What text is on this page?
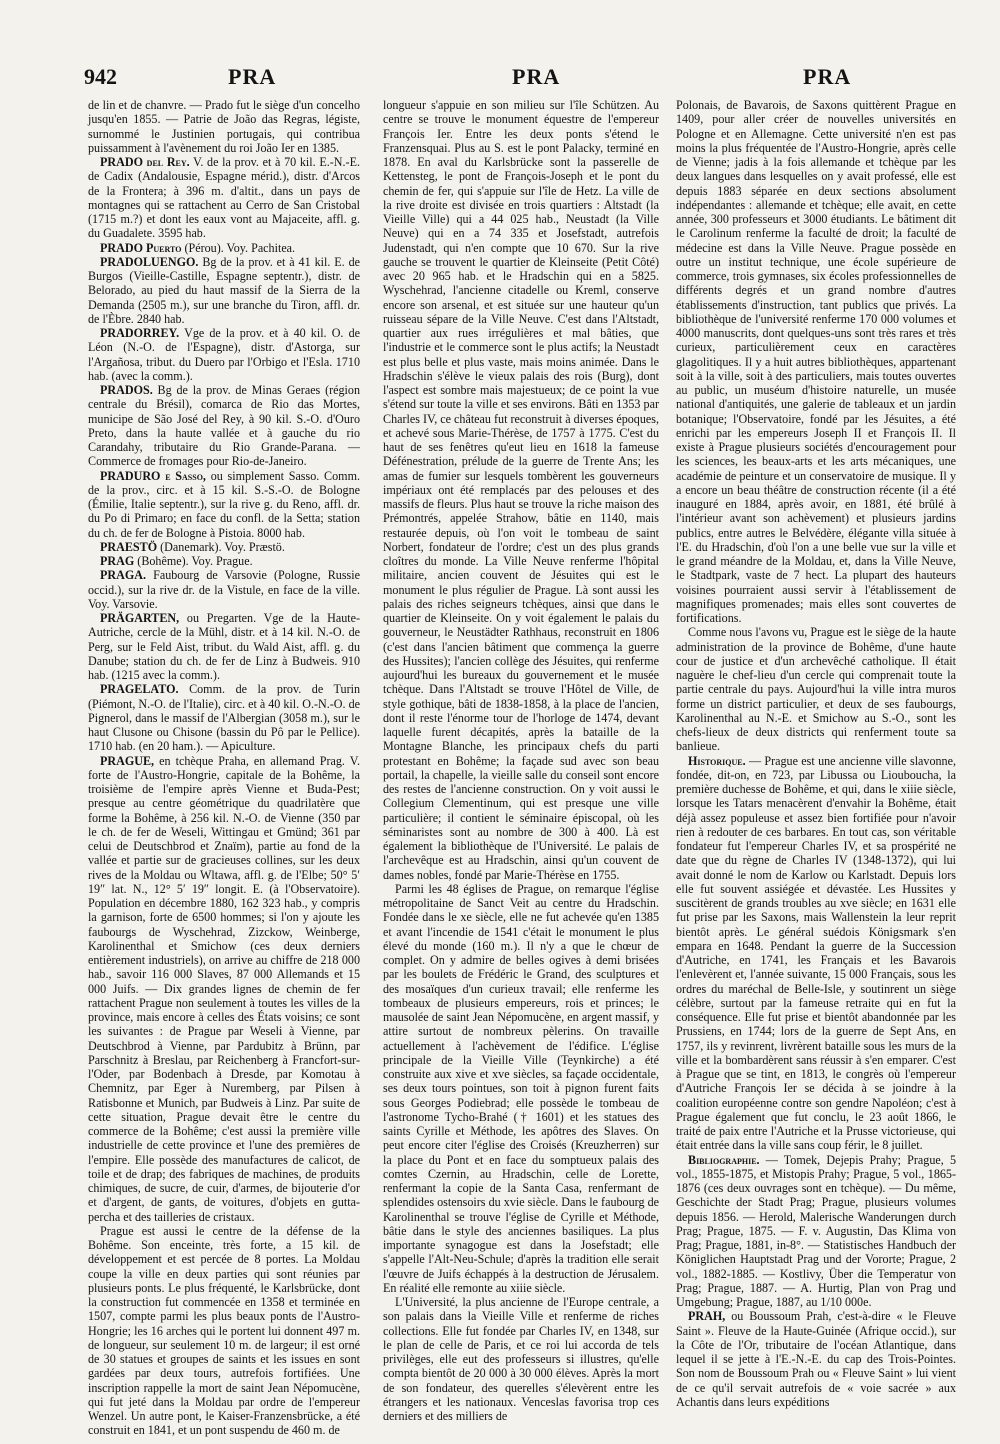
942	PRA	PRA	PRA

de lin et de chanvre. — Prado fut le siège d'un concelho jusqu'en 1855. — Patrie de João das Regras, légiste, surnommé le Justinien portugais, qui contribua puissamment à l'avènement du roi João Ier en 1385.

PRADO del Rey. V. de la prov. et à 70 kil. E.-N.-E. de Cadix (Andalousie, Espagne mérid.), distr. d'Arcos de la Frontera; à 396 m. d'altit., dans un pays de montagnes qui se rattachent au Cerro de San Cristobal (1715 m.?) et dont les eaux vont au Majaceite, affl. g. du Guadalete. 3595 hab.

PRADO Puerto (Pérou). Voy. Pachitea.

PRADOLUENGO. Bg de la prov. et à 41 kil. E. de Burgos (Vieille-Castille, Espagne septentr.), distr. de Belorado, au pied du haut massif de la Sierra de la Demanda (2505 m.), sur une branche du Tiron, affl. dr. de l'Èbre. 2840 hab.

PRADORREY. Vge de la prov. et à 40 kil. O. de Léon (N.-O. de l'Espagne), distr. d'Astorga, sur l'Argañosa, tribut. du Duero par l'Orbigo et l'Esla. 1710 hab. (avec la comm.).

PRADOS. Bg de la prov. de Minas Geraes (région centrale du Brésil), comarca de Rio das Mortes, municipe de São José del Rey, à 90 kil. S.-O. d'Ouro Preto, dans la haute vallée et à gauche du rio Carandahy, tributaire du Rio Grande-Parana. — Commerce de fromages pour Rio-de-Janeiro.

PRADURO e Sasso, ou simplement Sasso. Comm. de la prov., circ. et à 15 kil. S.-S.-O. de Bologne (Émilie, Italie septentr.), sur la rive g. du Reno, affl. dr. du Po di Primaro; en face du confl. de la Setta; station du ch. de fer de Bologne à Pistoia. 8000 hab.

PRAESTÖ (Danemark). Voy. Præstö.

PRAG (Bohême). Voy. Prague.

PRAGA. Faubourg de Varsovie (Pologne, Russie occid.), sur la rive dr. de la Vistule, en face de la ville. Voy. Varsovie.

PRÄGARTEN, ou Pregarten. Vge de la Haute-Autriche, cercle de la Mühl, distr. et à 14 kil. N.-O. de Perg, sur le Feld Aist, tribut. du Wald Aist, affl. g. du Danube; station du ch. de fer de Linz à Budweis. 910 hab. (1215 avec la comm.).

PRAGELATO. Comm. de la prov. de Turin (Piémont, N.-O. de l'Italie), circ. et à 40 kil. O.-N.-O. de Pignerol, dans le massif de l'Albergian (3058 m.), sur le haut Clusone ou Chisone (bassin du Pô par le Pellice). 1710 hab. (en 20 ham.). — Apiculture.

PRAGUE, en tchèque Praha, en allemand Prag. V. forte de l'Austro-Hongrie, capitale de la Bohême, la troisième de l'empire après Vienne et Buda-Pest; presque au centre géométrique du quadrilatère que forme la Bohême, à 256 kil. N.-O. de Vienne (350 par le ch. de fer de Weseli, Wittingau et Gmünd; 361 par celui de Deutschbrod et Znaïm), partie au fond de la vallée et partie sur de gracieuses collines, sur les deux rives de la Moldau ou Wltawa, affl. g. de l'Elbe; 50° 5′ 19″ lat. N., 12° 5′ 19″ longit. E. (à l'Observatoire). Population en décembre 1880, 162 323 hab., y compris la garnison, forte de 6500 hommes; si l'on y ajoute les faubourgs de Wyschehrad, Zizckow, Weinberge, Karolinenthal et Smichow (ces deux derniers entièrement industriels), on arrive au chiffre de 218 000 hab., savoir 116 000 Slaves, 87 000 Allemands et 15 000 Juifs. — Dix grandes lignes de chemin de fer rattachent Prague non seulement à toutes les villes de la province, mais encore à celles des États voisins; ce sont les suivantes : de Prague par Weseli à Vienne, par Deutschbrod à Vienne, par Pardubitz à Brünn, par Parschnitz à Breslau, par Reichenberg à Francfort-sur-l'Oder, par Bodenbach à Dresde, par Komotau à Chemnitz, par Eger à Nuremberg, par Pilsen à Ratisbonne et Munich, par Budweis à Linz. Par suite de cette situation, Prague devait être le centre du commerce de la Bohême; c'est aussi la première ville industrielle de cette province et l'une des premières de l'empire. Elle possède des manufactures de calicot, de toile et de drap; des fabriques de machines, de produits chimiques, de sucre, de cuir, d'armes, de bijouterie d'or et d'argent, de gants, de voitures, d'objets en gutta-percha et des tailleries de cristaux.

Prague est aussi le centre de la défense de la Bohême. Son enceinte, très forte, a 15 kil. de développement et est percée de 8 portes. La Moldau coupe la ville en deux parties qui sont réunies par plusieurs ponts. Le plus fréquenté, le Karlsbrücke, dont la construction fut commencée en 1358 et terminée en 1507, compte parmi les plus beaux ponts de l'Austro-Hongrie; les 16 arches qui le portent lui donnent 497 m. de longueur, sur seulement 10 m. de largeur; il est orné de 30 statues et groupes de saints et les issues en sont gardées par deux tours, autrefois fortifiées. Une inscription rappelle la mort de saint Jean Népomucène, qui fut jeté dans la Moldau par ordre de l'empereur Wenzel. Un autre pont, le Kaiser-Franzensbrücke, a été construit en 1841, et un pont suspendu de 460 m. de

longueur s'appuie en son milieu sur l'île Schützen. Au centre se trouve le monument équestre de l'empereur François Ier. Entre les deux ponts s'étend le Franzensquai. Plus au S. est le pont Palacky, terminé en 1878. En aval du Karlsbrücke sont la passerelle de Kettensteg, le pont de François-Joseph et le pont du chemin de fer, qui s'appuie sur l'île de Hetz. La ville de la rive droite est divisée en trois quartiers : Altstadt (la Vieille Ville) qui a 44 025 hab., Neustadt (la Ville Neuve) qui en a 74 335 et Josefstadt, autrefois Judenstadt, qui n'en compte que 10 670. Sur la rive gauche se trouvent le quartier de Kleinseite (Petit Côté) avec 20 965 hab. et le Hradschin qui en a 5825. Wyschehrad, l'ancienne citadelle ou Kreml, conserve encore son arsenal, et est située sur une hauteur qu'un ruisseau sépare de la Ville Neuve. C'est dans l'Altstadt, quartier aux rues irrégulières et mal bâties, que l'industrie et le commerce sont le plus actifs; la Neustadt est plus belle et plus vaste, mais moins animée. Dans le Hradschin s'élève le vieux palais des rois (Burg), dont l'aspect est sombre mais majestueux; de ce point la vue s'étend sur toute la ville et ses environs. Bâti en 1353 par Charles IV, ce château fut reconstruit à diverses époques, et achevé sous Marie-Thérèse, de 1757 à 1775. C'est du haut de ses fenêtres qu'eut lieu en 1618 la fameuse Défénestration, prélude de la guerre de Trente Ans; les amas de fumier sur lesquels tombèrent les gouverneurs impériaux ont été remplacés par des pelouses et des massifs de fleurs. Plus haut se trouve la riche maison des Prémontrés, appelée Strahow, bâtie en 1140, mais restaurée depuis, où l'on voit le tombeau de saint Norbert, fondateur de l'ordre; c'est un des plus grands cloîtres du monde. La Ville Neuve renferme l'hôpital militaire, ancien couvent de Jésuites qui est le monument le plus régulier de Prague. Là sont aussi les palais des riches seigneurs tchèques, ainsi que dans le quartier de Kleinseite. On y voit également le palais du gouverneur, le Neustädter Rathhaus, reconstruit en 1806 (c'est dans l'ancien bâtiment que commença la guerre des Hussites); l'ancien collège des Jésuites, qui renferme aujourd'hui les bureaux du gouvernement et le musée tchèque. Dans l'Altstadt se trouve l'Hôtel de Ville, de style gothique, bâti de 1838-1858, à la place de l'ancien, dont il reste l'énorme tour de l'horloge de 1474, devant laquelle furent décapités, après la bataille de la Montagne Blanche, les principaux chefs du parti protestant en Bohême; la façade sud avec son beau portail, la chapelle, la vieille salle du conseil sont encore des restes de l'ancienne construction. On y voit aussi le Collegium Clementinum, qui est presque une ville particulière; il contient le séminaire épiscopal, où les séminaristes sont au nombre de 300 à 400. Là est également la bibliothèque de l'Université. Le palais de l'archevêque est au Hradschin, ainsi qu'un couvent de dames nobles, fondé par Marie-Thérèse en 1755.

Parmi les 48 églises de Prague, on remarque l'église métropolitaine de Sanct Veit au centre du Hradschin. Fondée dans le xe siècle, elle ne fut achevée qu'en 1385 et avant l'incendie de 1541 c'était le monument le plus élevé du monde (160 m.). Il n'y a que le chœur de complet. On y admire de belles ogives à demi brisées par les boulets de Frédéric le Grand, des sculptures et des mosaïques d'un curieux travail; elle renferme les tombeaux de plusieurs empereurs, rois et princes; le mausolée de saint Jean Népomucène, en argent massif, y attire surtout de nombreux pèlerins. On travaille actuellement à l'achèvement de l'édifice. L'église principale de la Vieille Ville (Teynkirche) a été construite aux xive et xve siècles, sa façade occidentale, ses deux tours pointues, son toit à pignon furent faits sous Georges Podiebrad; elle possède le tombeau de l'astronome Tycho-Brahé († 1601) et les statues des saints Cyrille et Méthode, les apôtres des Slaves. On peut encore citer l'église des Croisés (Kreuzherren) sur la place du Pont et en face du somptueux palais des comtes Czernin, au Hradschin, celle de Lorette, renfermant la copie de la Santa Casa, renfermant de splendides ostensoirs du xvie siècle. Dans le faubourg de Karolinenthal se trouve l'église de Cyrille et Méthode, bâtie dans le style des anciennes basiliques. La plus importante synagogue est dans la Josefstadt; elle s'appelle l'Alt-Neu-Schule; d'après la tradition elle serait l'œuvre de Juifs échappés à la destruction de Jérusalem. En réalité elle remonte au xiiie siècle.

L'Université, la plus ancienne de l'Europe centrale, a son palais dans la Vieille Ville et renferme de riches collections. Elle fut fondée par Charles IV, en 1348, sur le plan de celle de Paris, et ce roi lui accorda de tels privilèges, elle eut des professeurs si illustres, qu'elle compta bientôt de 20 000 à 30 000 élèves. Après la mort de son fondateur, des querelles s'élevèrent entre les étrangers et les nationaux. Venceslas favorisa trop ces derniers et des milliers de

Polonais, de Bavarois, de Saxons quittèrent Prague en 1409, pour aller créer de nouvelles universités en Pologne et en Allemagne. Cette université n'en est pas moins la plus fréquentée de l'Austro-Hongrie, après celle de Vienne; jadis à la fois allemande et tchèque par les deux langues dans lesquelles on y avait professé, elle est depuis 1883 séparée en deux sections absolument indépendantes : allemande et tchèque; elle avait, en cette année, 300 professeurs et 3000 étudiants. Le bâtiment dit le Carolinum renferme la faculté de droit; la faculté de médecine est dans la Ville Neuve. Prague possède en outre un institut technique, une école supérieure de commerce, trois gymnases, six écoles professionnelles de différents degrés et un grand nombre d'autres établissements d'instruction, tant publics que privés. La bibliothèque de l'université renferme 170 000 volumes et 4000 manuscrits, dont quelques-uns sont très rares et très curieux, particulièrement ceux en caractères glagolitiques. Il y a huit autres bibliothèques, appartenant soit à la ville, soit à des particuliers, mais toutes ouvertes au public, un muséum d'histoire naturelle, un musée national d'antiquités, une galerie de tableaux et un jardin botanique; l'Observatoire, fondé par les Jésuites, a été enrichi par les empereurs Joseph II et François II. Il existe à Prague plusieurs sociétés d'encouragement pour les sciences, les beaux-arts et les arts mécaniques, une académie de peinture et un conservatoire de musique. Il y a encore un beau théâtre de construction récente (il a été inauguré en 1884, après avoir, en 1881, été brûlé à l'intérieur avant son achèvement) et plusieurs jardins publics, entre autres le Belvédère, élégante villa située à l'E. du Hradschin, d'où l'on a une belle vue sur la ville et le grand méandre de la Moldau, et, dans la Ville Neuve, le Stadtpark, vaste de 7 hect. La plupart des hauteurs voisines pourraient aussi servir à l'établissement de magnifiques promenades; mais elles sont couvertes de fortifications.

Comme nous l'avons vu, Prague est le siège de la haute administration de la province de Bohême, d'une haute cour de justice et d'un archevêché catholique. Il était naguère le chef-lieu d'un cercle qui comprenait toute la partie centrale du pays. Aujourd'hui la ville intra muros forme un district particulier, et deux de ses faubourgs, Karolinenthal au N.-E. et Smichow au S.-O., sont les chefs-lieux de deux districts qui renferment toute sa banlieue.

Historique. — Prague est une ancienne ville slavonne, fondée, dit-on, en 723, par Libussa ou Liouboucha, la première duchesse de Bohême, et qui, dans le xiiie siècle, lorsque les Tatars menacèrent d'envahir la Bohême, était déjà assez populeuse et assez bien fortifiée pour n'avoir rien à redouter de ces barbares. En tout cas, son véritable fondateur fut l'empereur Charles IV, et sa prospérité ne date que du règne de Charles IV (1348-1372), qui lui avait donné le nom de Karlow ou Karlstadt. Depuis lors elle fut souvent assiégée et dévastée. Les Hussites y suscitèrent de grands troubles au xve siècle; en 1631 elle fut prise par les Saxons, mais Wallenstein la leur reprit bientôt après. Le général suédois Königsmark s'en empara en 1648. Pendant la guerre de la Succession d'Autriche, en 1741, les Français et les Bavarois l'enlevèrent et, l'année suivante, 15 000 Français, sous les ordres du maréchal de Belle-Isle, y soutinrent un siège célèbre, surtout par la fameuse retraite qui en fut la conséquence. Elle fut prise et bientôt abandonnée par les Prussiens, en 1744; lors de la guerre de Sept Ans, en 1757, ils y revinrent, livrèrent bataille sous les murs de la ville et la bombardèrent sans réussir à s'en emparer. C'est à Prague que se tint, en 1813, le congrès où l'empereur d'Autriche François Ier se décida à se joindre à la coalition européenne contre son gendre Napoléon; c'est à Prague également que fut conclu, le 23 août 1866, le traité de paix entre l'Autriche et la Prusse victorieuse, qui était entrée dans la ville sans coup férir, le 8 juillet.

Bibliographie. — Tomek, Dejepis Prahy; Prague, 5 vol., 1855-1875, et Mistopis Prahy; Prague, 5 vol., 1865-1876 (ces deux ouvrages sont en tchèque). — Du même, Geschichte der Stadt Prag; Prague, plusieurs volumes depuis 1856. — Herold, Malerische Wanderungen durch Prag; Prague, 1875. — F. v. Augustin, Das Klima von Prag; Prague, 1881, in-8°. — Statistisches Handbuch der Königlichen Hauptstadt Prag und der Vororte; Prague, 2 vol., 1882-1885. — Kostlivy, Über die Temperatur von Prag; Prague, 1887. — A. Hurtig, Plan von Prag und Umgebung; Prague, 1887, au 1/10 000e.

PRAH, ou Boussoum Prah, c'est-à-dire « le Fleuve Saint ». Fleuve de la Haute-Guinée (Afrique occid.), sur la Côte de l'Or, tributaire de l'océan Atlantique, dans lequel il se jette à l'E.-N.-E. du cap des Trois-Pointes. Son nom de Boussoum Prah ou « Fleuve Saint » lui vient de ce qu'il servait autrefois de « voie sacrée » aux Achantis dans leurs expéditions
